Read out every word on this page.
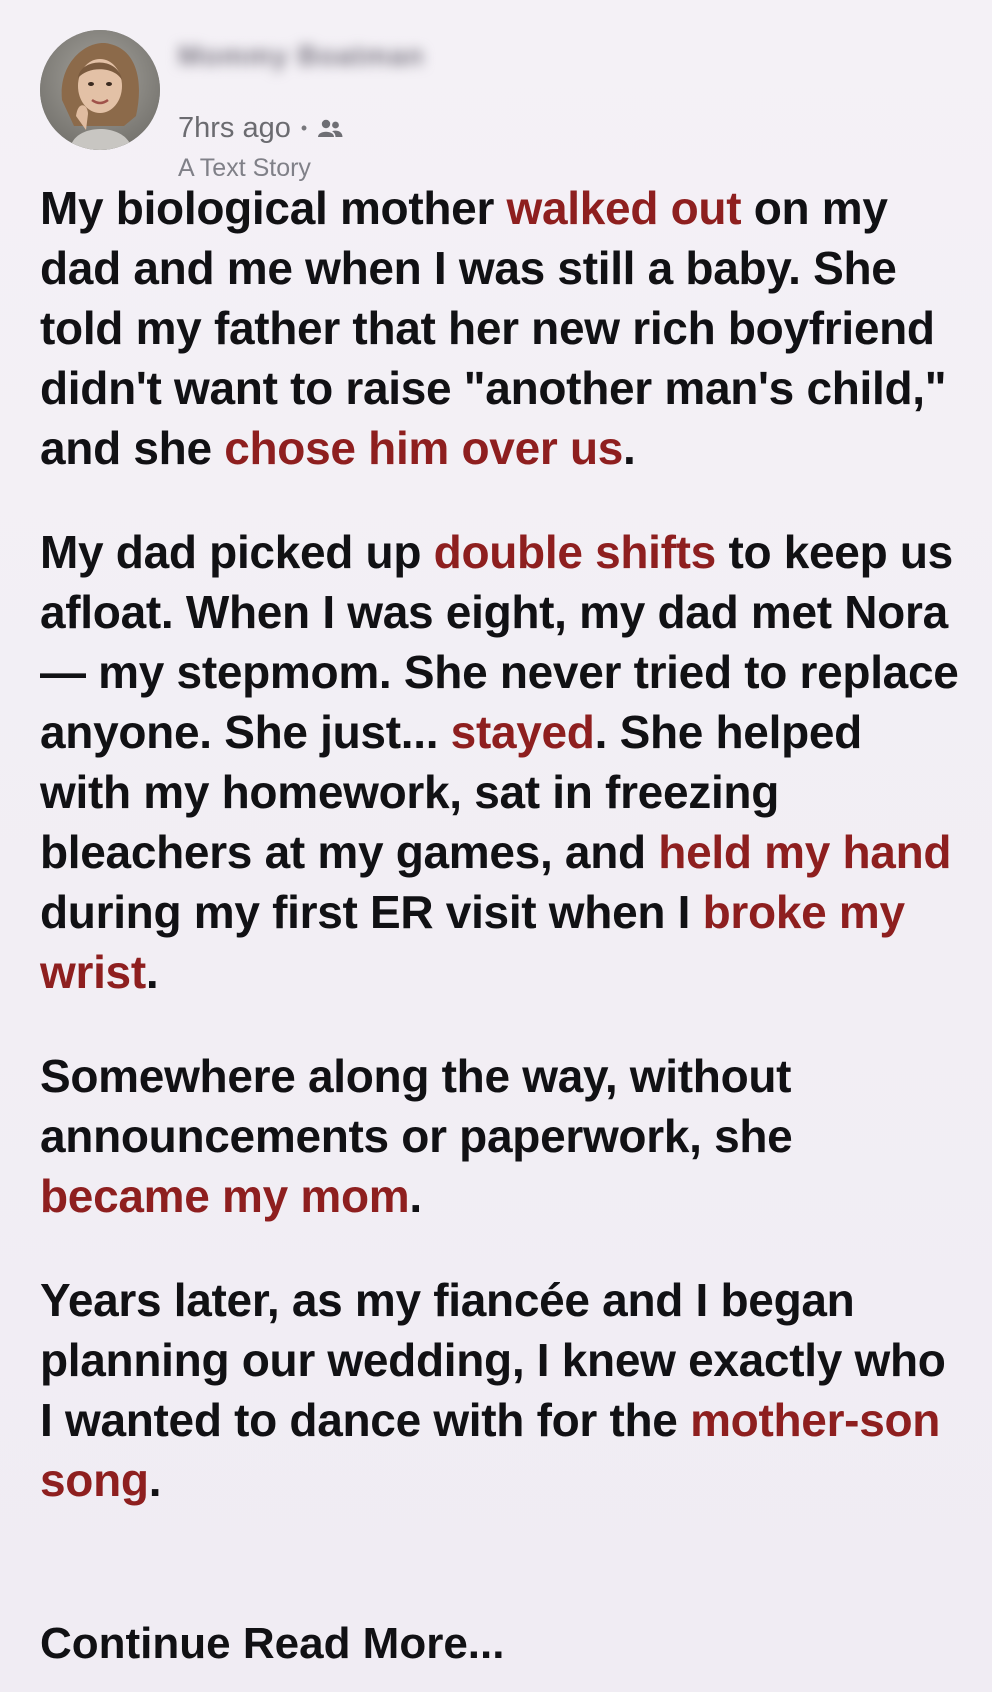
Mommy Boatman
7hrs ago •
A Text Story

My biological mother walked out on my dad and me when I was still a baby. She told my father that her new rich boyfriend didn't want to raise "another man's child," and she chose him over us.

My dad picked up double shifts to keep us afloat. When I was eight, my dad met Nora — my stepmom. She never tried to replace anyone. She just... stayed. She helped with my homework, sat in freezing bleachers at my games, and held my hand during my first ER visit when I broke my wrist.

Somewhere along the way, without announcements or paperwork, she became my mom.

Years later, as my fiancée and I began planning our wedding, I knew exactly who I wanted to dance with for the mother-son song.

Continue Read More...
